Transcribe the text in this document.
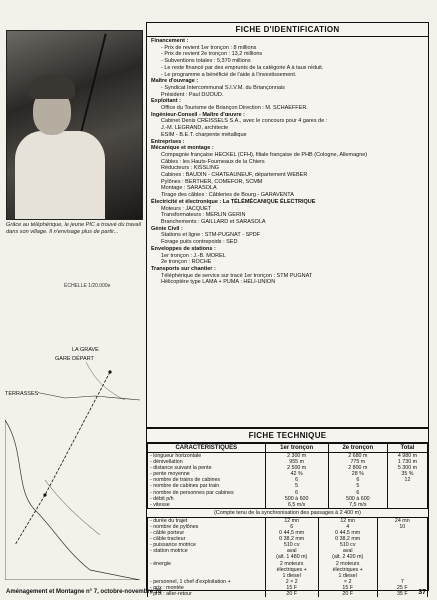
Grâce au téléphérique, le jeune PIC a trouvé du travail dans son village. Il n'envisage plus de partir...
ÉCHELLE 1/20.000e
TERRASSES
LA GRAVE
GARE DÉPART
FICHE D'IDENTIFICATION
Financement :
- Prix de revient 1er tronçon : 8 millions
- Prix de revient 2e tronçon : 13,2 millions
- Subventions totales : 5,370 millions
- Le reste financé par des emprunts de la catégorie A à taux réduit.
- Le programme a bénéficié de l'aide à l'investissement.
Maître d'ouvrage :
- Syndicat Intercommunal S.I.V.M. du Briançonnais
Président : Paul DIJOUD.
Exploitant :
Office du Tourisme de Briançon Direction : M. SCHAEFFER.
Ingénieur-Conseil - Maître d'œuvre :
Cabinet Denis CREISSELS S.A., avec le concours pour 4 gares de :
J.-M. LEGRAND, architecte
ESIM - B.E.T. charpente métallique
Entreprises :
Mécanique et montage :
Compagnie française HECKEL (CFH), filiale française de PHB (Cologne, Allemagne)
Câbles : les Hauts-Fourneaux de la Chiers
Réducteurs : KISSLING
Cabines : BAUDIN - CHATEAUNEUF, département WEBER
Pylônes : BERTHER, COMEFOR, SCMM
Montage : SARASOLA
Tirage des câbles : Câbleries de Bourg - GARAVENTA
Électricité et électronique : La TÉLÉMÉCANIQUE ÉLECTRIQUE
Moteurs : JACQUET
Transformateurs : MERLIN GERIN
Branchements : GAILLARD et SARASOLA
Génie Civil :
Stations et ligne : STM-PUGNAT - SPDF
Forage puits contrepoids : SED
Enveloppes de stations :
1er tronçon : J.-B. MOREL
2e tronçon : ROCHE
Transports sur chantier :
Téléphérique de service sur tracé 1er tronçon : STM PUGNAT
Hélicoptère type LAMA + PUMA : HELI-UNION
FICHE TECHNIQUE
CARACTÉRISTIQUES	1er tronçon	2e tronçon	Total
- longueur horizontale	2 300 m	2 680 m	4 980 m
- dénivellation	955 m	775 m	1 730 m
- distance suivant la pente	2 500 m	2 800 m	5 300 m
- pente moyenne	42 %	28 %	35 %
- nombre de trains de cabines	6	6	12
- nombre de cabines par train	5	5	
- nombre de personnes par cabines	6	6	
- débit p/h	500 à 600	500 à 600	
- vitesse	6,5 m/s	7,5 m/s	
(Compte tenu de la synchronisation des passages à 2 400 m)
- durée du trajet	12 mn	12 mn	24 mn
- nombre de pylônes	6	4	10
- câble porteur	0 44,5 mm	0 44,5 mm	
- câble tracteur	0 38,2 mm	0 38,2 mm	
- puissance motrice	510 cv	510 cv	
- station motrice	aval	aval	
	(alt. 1 480 m)	(alt. 2 420 m)	
- énergie	2 moteurs	2 moteurs	
	électriques +	électriques +	
	1 diesel	1 diesel	
- personnel, 1 chef d'exploitation +	2 × 2	× 2	7
- prix : montée	15 F	15 F	25 F
- prix : aller-retour	20 F	20 F	35 F
Aménagement et Montagne n° 7, octobre-novembre 76	37
